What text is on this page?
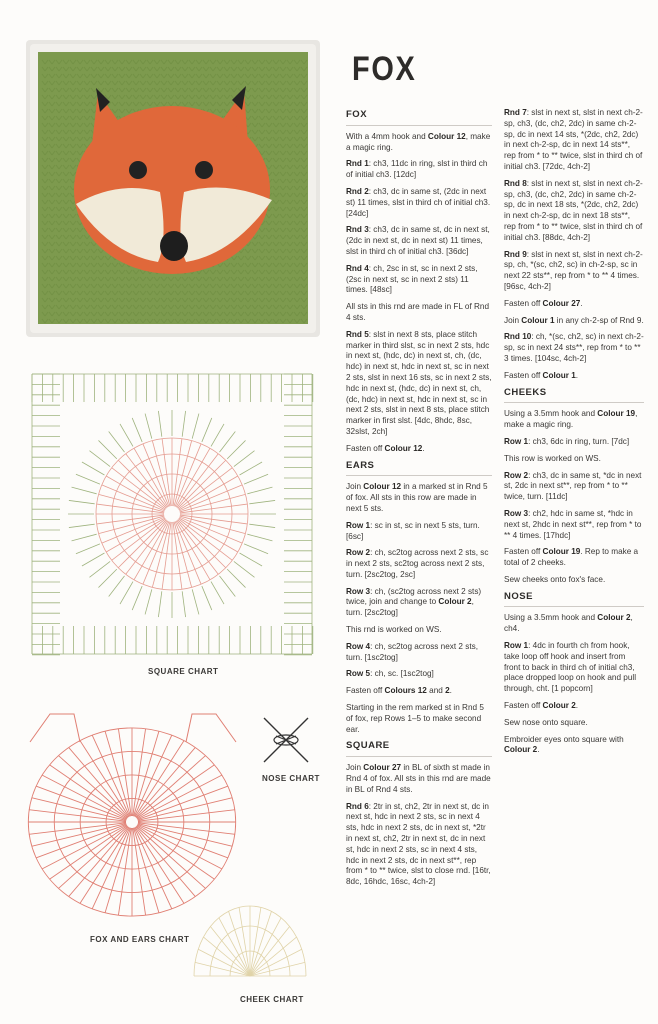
SQUARE CHART
NOSE CHART
FOX AND EARS CHART
CHEEK CHART
FOX
FOX

With a 4mm hook and Colour 12, make a magic ring.

Rnd 1: ch3, 11dc in ring, slst in third ch of initial ch3. [12dc]

Rnd 2: ch3, dc in same st, (2dc in next st) 11 times, slst in third ch of initial ch3. [24dc]

Rnd 3: ch3, dc in same st, dc in next st, (2dc in next st, dc in next st) 11 times, slst in third ch of initial ch3. [36dc]

Rnd 4: ch, 2sc in st, sc in next 2 sts, (2sc in next st, sc in next 2 sts) 11 times. [48sc]

All sts in this rnd are made in FL of Rnd 4 sts.

Rnd 5: slst in next 8 sts, place stitch marker in third slst, sc in next 2 sts, hdc in next st, (hdc, dc) in next st, ch, (dc, hdc) in next st, hdc in next st, sc in next 2 sts, slst in next 16 sts, sc in next 2 sts, hdc in next st, (hdc, dc) in next st, ch, (dc, hdc) in next st, hdc in next st, sc in next 2 sts, slst in next 8 sts, place stitch marker in first slst. [4dc, 8hdc, 8sc, 32slst, 2ch]

Fasten off Colour 12.

EARS

Join Colour 12 in a marked st in Rnd 5 of fox. All sts in this row are made in next 5 sts.

Row 1: sc in st, sc in next 5 sts, turn. [6sc]

Row 2: ch, sc2tog across next 2 sts, sc in next 2 sts, sc2tog across next 2 sts, turn. [2sc2tog, 2sc]

Row 3: ch, (sc2tog across next 2 sts) twice, join and change to Colour 2, turn. [2sc2tog]

This rnd is worked on WS.

Row 4: ch, sc2tog across next 2 sts, turn. [1sc2tog]

Row 5: ch, sc. [1sc2tog]

Fasten off Colours 12 and 2.

Starting in the rem marked st in Rnd 5 of fox, rep Rows 1–5 to make second ear.

SQUARE

Join Colour 27 in BL of sixth st made in Rnd 4 of fox. All sts in this rnd are made in BL of Rnd 4 sts.

Rnd 6: 2tr in st, ch2, 2tr in next st, dc in next st, hdc in next 2 sts, sc in next 4 sts, hdc in next 2 sts, dc in next st, *2tr in next st, ch2, 2tr in next st, dc in next st, hdc in next 2 sts, sc in next 4 sts, hdc in next 2 sts, dc in next st**, rep from * to ** twice, slst to close rnd. [16tr, 8dc, 16hdc, 16sc, 4ch-2]

Rnd 7: slst in next st, slst in next ch-2-sp, ch3, (dc, ch2, 2dc) in same ch-2-sp, dc in next 14 sts, *(2dc, ch2, 2dc) in next ch-2-sp, dc in next 14 sts**, rep from * to ** twice, slst in third ch of initial ch3. [72dc, 4ch-2]

Rnd 8: slst in next st, slst in next ch-2-sp, ch3, (dc, ch2, 2dc) in same ch-2-sp, dc in next 18 sts, *(2dc, ch2, 2dc) in next ch-2-sp, dc in next 18 sts**, rep from * to ** twice, slst in third ch of initial ch3. [88dc, 4ch-2]

Rnd 9: slst in next st, slst in next ch-2-sp, ch, *(sc, ch2, sc) in ch-2-sp, sc in next 22 sts**, rep from * to ** 4 times. [96sc, 4ch-2]

Fasten off Colour 27.

Join Colour 1 in any ch-2-sp of Rnd 9.

Rnd 10: ch, *(sc, ch2, sc) in next ch-2-sp, sc in next 24 sts**, rep from * to ** 3 times. [104sc, 4ch-2]

Fasten off Colour 1.

CHEEKS

Using a 3.5mm hook and Colour 19, make a magic ring.

Row 1: ch3, 6dc in ring, turn. [7dc]

This row is worked on WS.

Row 2: ch3, dc in same st, *dc in next st, 2dc in next st**, rep from * to ** twice, turn. [11dc]

Row 3: ch2, hdc in same st, *hdc in next st, 2hdc in next st**, rep from * to ** 4 times. [17hdc]

Fasten off Colour 19. Rep to make a total of 2 cheeks.

Sew cheeks onto fox's face.

NOSE

Using a 3.5mm hook and Colour 2, ch4.

Row 1: 4dc in fourth ch from hook, take loop off hook and insert from front to back in third ch of initial ch3, place dropped loop on hook and pull through, cht. [1 popcorn]

Fasten off Colour 2.

Sew nose onto square.

Embroider eyes onto square with Colour 2.
